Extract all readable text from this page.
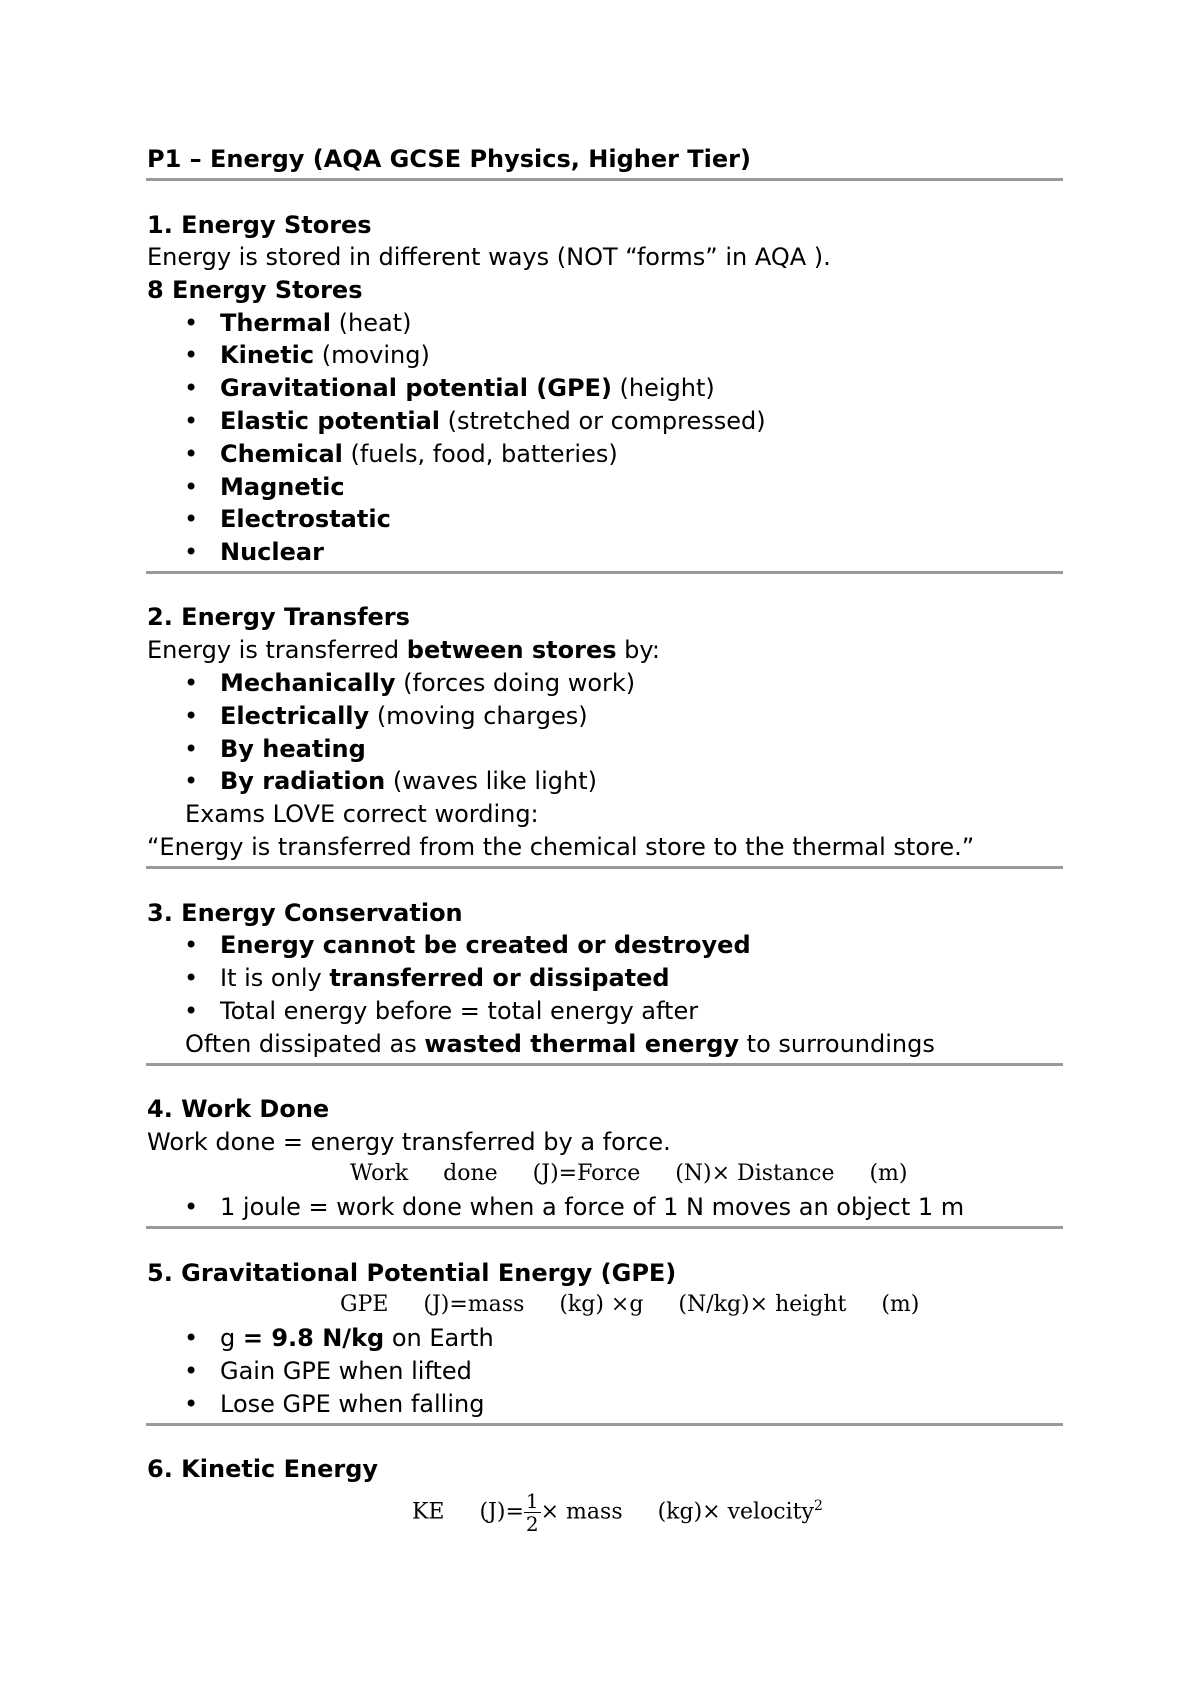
P1 – Energy (AQA GCSE Physics, Higher Tier)
1. Energy Stores
Energy is stored in different ways (NOT “forms” in AQA ).
8 Energy Stores
• Thermal (heat)
• Kinetic (moving)
• Gravitational potential (GPE) (height)
• Elastic potential (stretched or compressed)
• Chemical (fuels, food, batteries)
• Magnetic
• Electrostatic
• Nuclear
2. Energy Transfers
Energy is transferred between stores by:
• Mechanically (forces doing work)
• Electrically (moving charges)
• By heating
• By radiation (waves like light)
Exams LOVE correct wording:
“Energy is transferred from the chemical store to the thermal store.”
3. Energy Conservation
• Energy cannot be created or destroyed
• It is only transferred or dissipated
• Total energy before = total energy after
Often dissipated as wasted thermal energy to surroundings
4. Work Done
Work done = energy transferred by a force.
Work     done     (J)=Force     (N)× Distance     (m)
• 1 joule = work done when a force of 1 N moves an object 1 m
5. Gravitational Potential Energy (GPE)
GPE     (J)=mass     (kg) ×g     (N/kg)× height     (m)
• g = 9.8 N/kg on Earth
• Gain GPE when lifted
• Lose GPE when falling
6. Kinetic Energy
KE     $(J)= \frac{1}{2}$ × mass     (kg)× velocity$^2$
